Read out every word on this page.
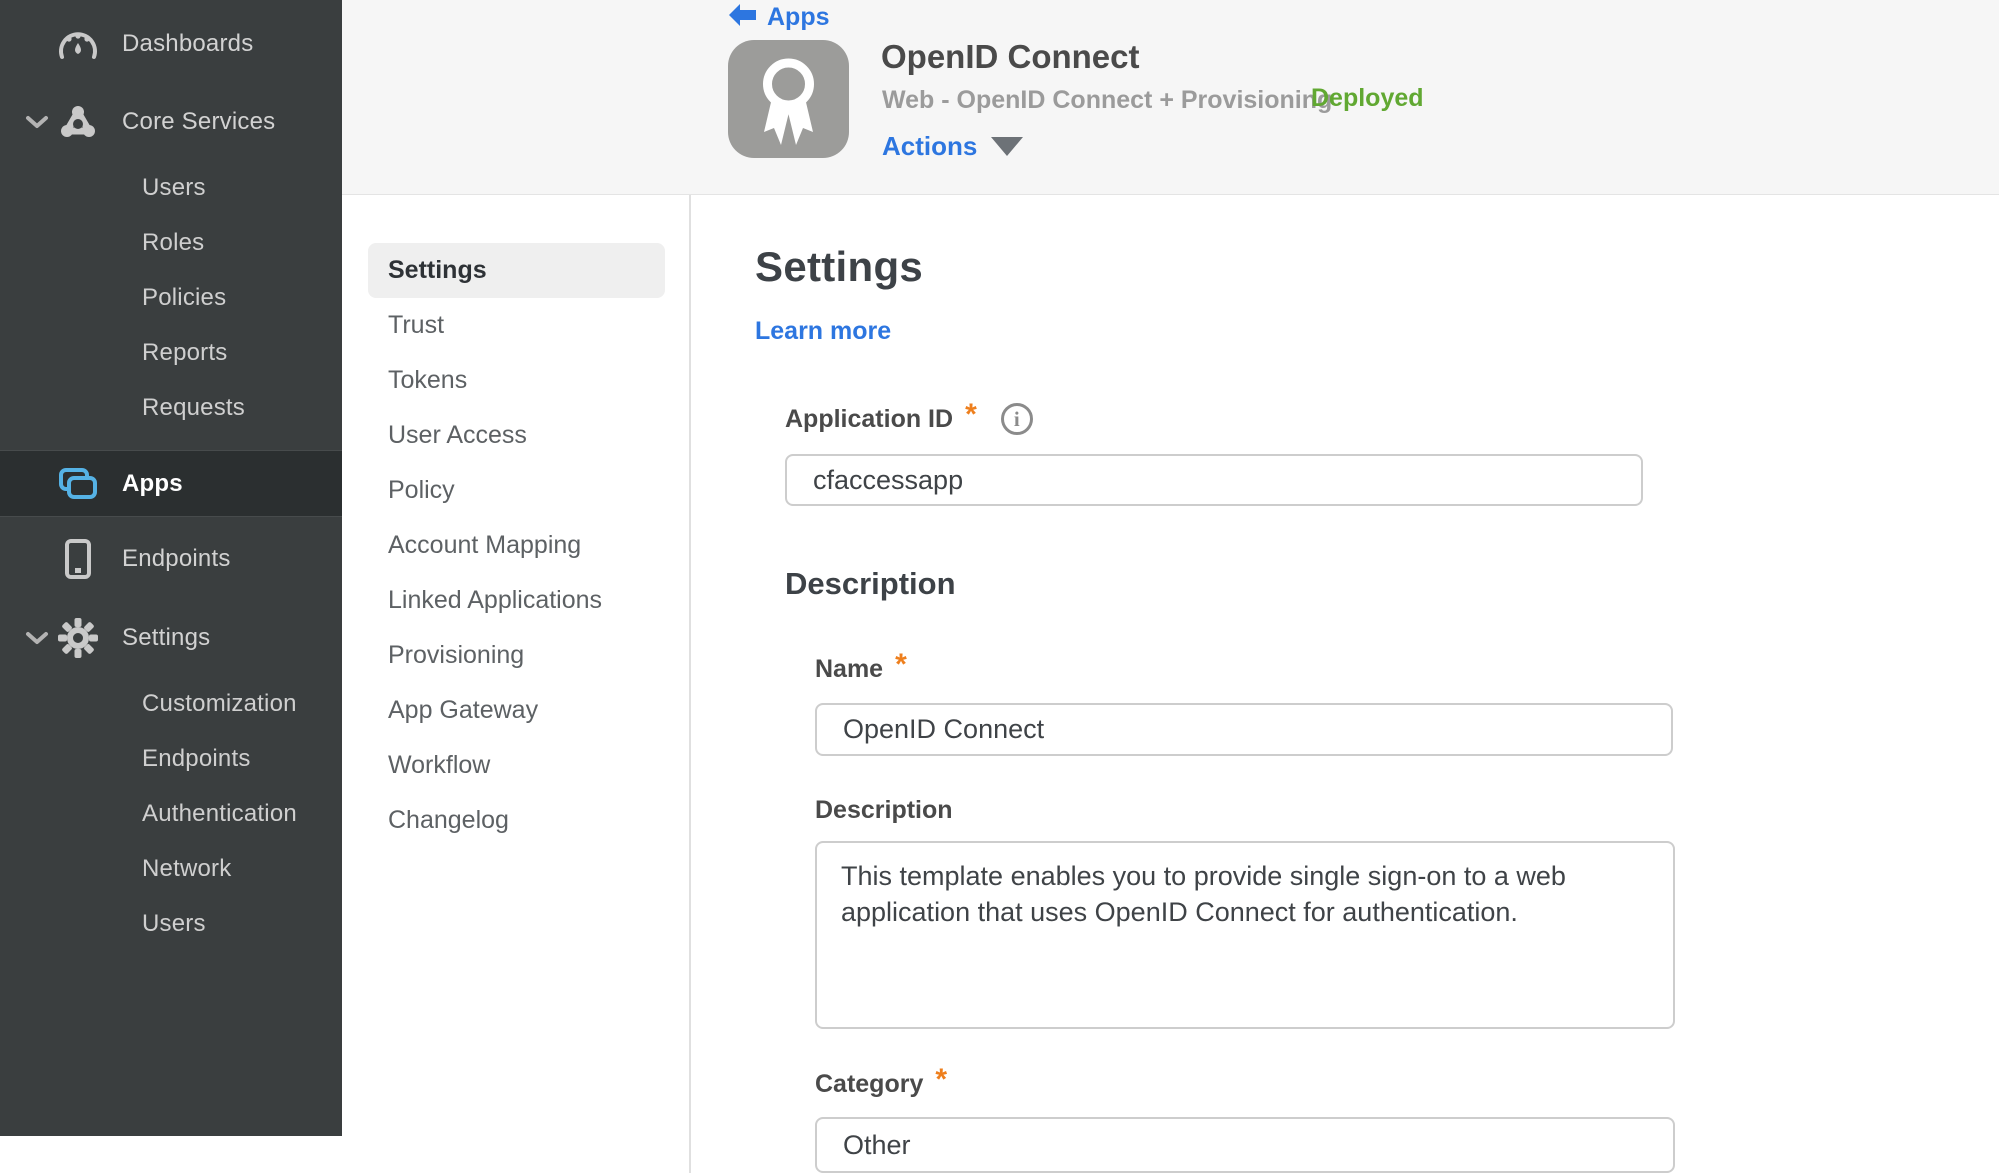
Dashboards
Core Services
Users
Roles
Policies
Reports
Requests
Apps
Endpoints
Settings
Customization
Endpoints
Authentication
Network
Users
Apps
OpenID Connect
Web - OpenID Connect + Provisioning
Deployed
Actions
Settings
Trust
Tokens
User Access
Policy
Account Mapping
Linked Applications
Provisioning
App Gateway
Workflow
Changelog
Settings
Learn more
Application ID *	i
cfaccessapp
Description
Name *
OpenID Connect
Description
This template enables you to provide single sign-on to a web application that uses OpenID Connect for authentication.
Category *
Other
